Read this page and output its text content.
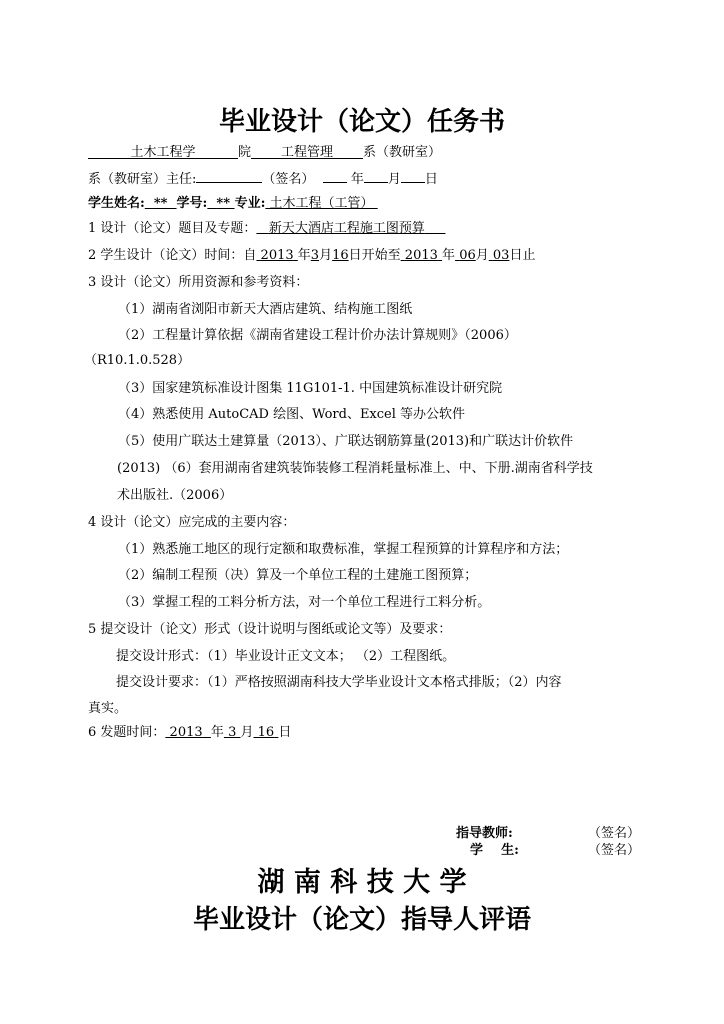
毕业设计（论文）任务书
土木工程学	院 工程管理 系（教研室）
系（教研室）主任:	（签名）	年 月 日
学生姓名: ** 学号: ** 专业: 土木工程（工管）
1 设计（论文）题目及专题： 新天大酒店工程施工图预算
2 学生设计（论文）时间：自 2013 年3月16日开始至 2013 年 06月 03日止
3 设计（论文）所用资源和参考资料：
（1）湖南省浏阳市新天大酒店建筑、结构施工图纸
（2）工程量计算依据《湖南省建设工程计价办法计算规则》（2006）
（R10.1.0.528）
（3）国家建筑标准设计图集 11G101-1. 中国建筑标准设计研究院
（4）熟悉使用 AutoCAD 绘图、Word、Excel 等办公软件
（5）使用广联达土建算量（2013）、广联达钢筋算量(2013)和广联达计价软件
(2013) （6）套用湖南省建筑装饰装修工程消耗量标准上、中、下册.湖南省科学技
术出版社.（2006）
4 设计（论文）应完成的主要内容：
（1）熟悉施工地区的现行定额和取费标准，掌握工程预算的计算程序和方法；
（2）编制工程预（决）算及一个单位工程的土建施工图预算；
（3）掌握工程的工料分析方法，对一个单位工程进行工料分析。
5 提交设计（论文）形式（设计说明与图纸或论文等）及要求：
提交设计形式：（1）毕业设计正文文本； （2）工程图纸。
提交设计要求：（1）严格按照湖南科技大学毕业设计文本格式排版；（2）内容
真实。
6 发题时间： 2013 年 3 月 16 日
指导教师:	（签名）
学    生:	（签名）
湖 南 科 技 大 学
毕业设计（论文）指导人评语
